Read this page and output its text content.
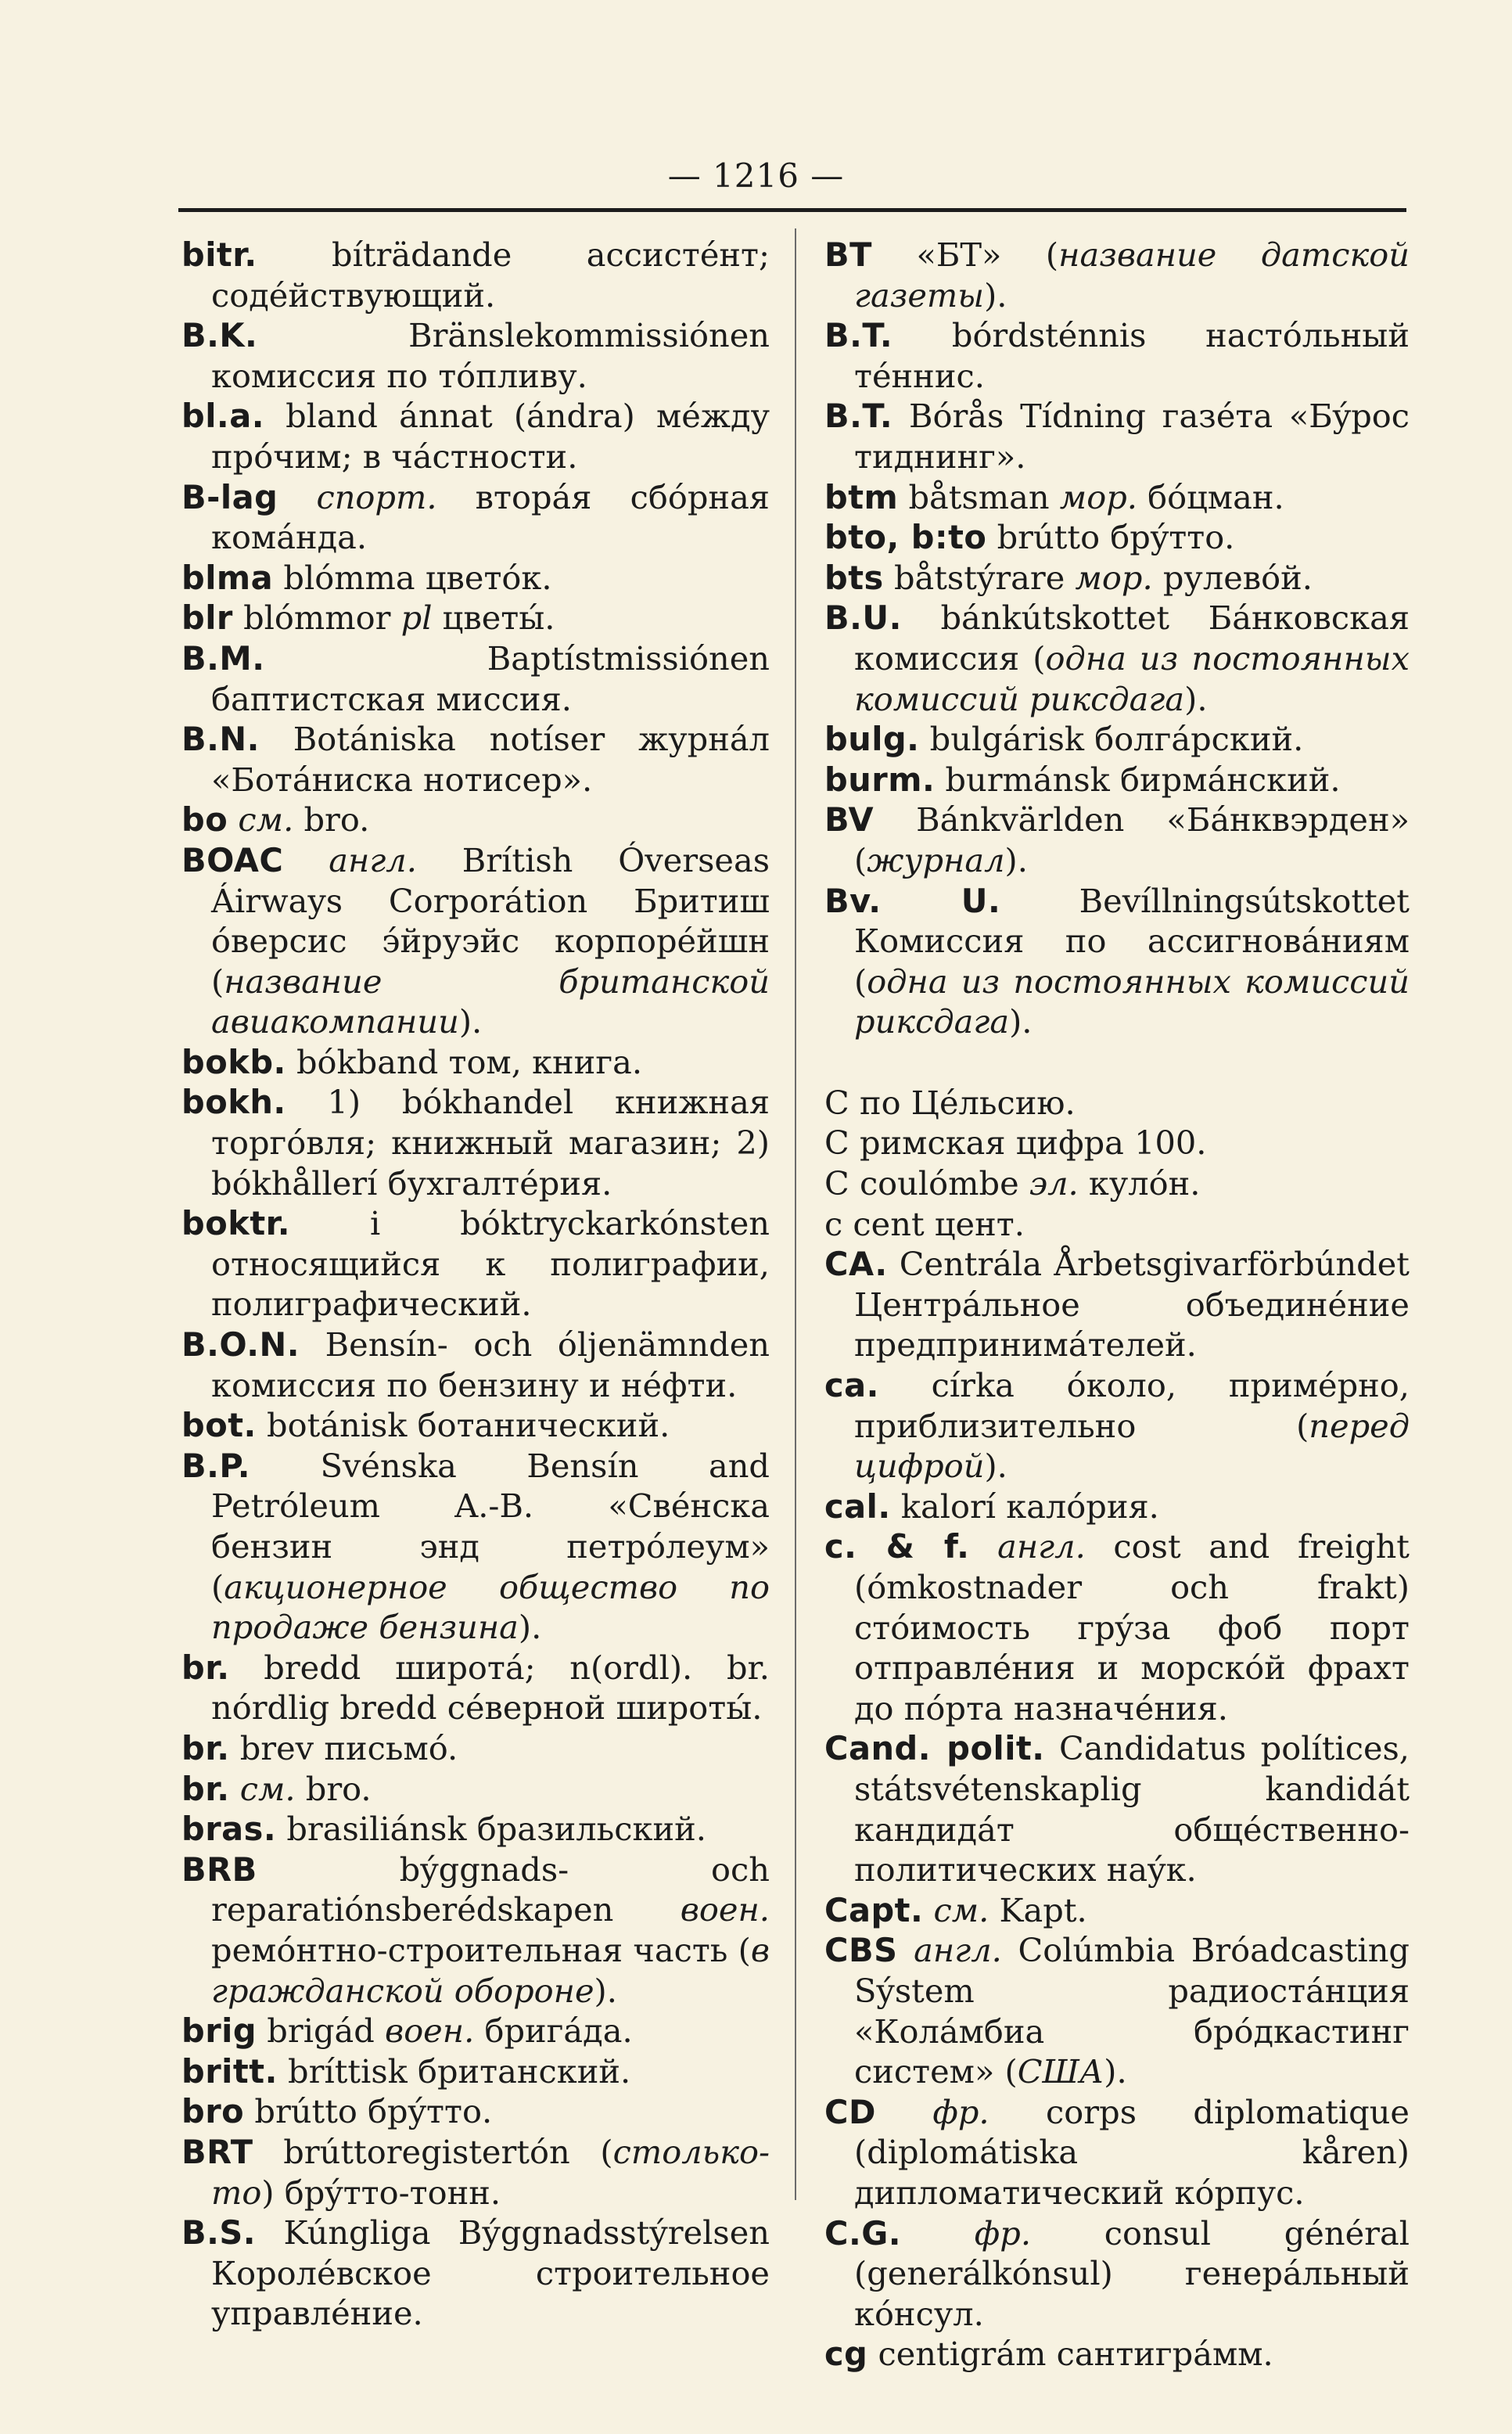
— 1216 —

bitr. bíträdande ассистéнт; содéйствующий.

B.K. Bränslekommissiónen комиссия по тóпливу.

bl.a. bland ánnat (ándra) мéжду прóчим; в чáстности.

B-lag спорт. вторáя сбóрная комáнда.

blma blómma цветóк.

blr blómmor pl цветы́.

B.M. Baptístmissiónen баптистская миссия.

B.N. Botániska notíser журнáл «Ботáниска нотисер».

bo см. bro.

BOAC англ. Brítish Óverseas Áirways Corporátion Бритиш óверсис э́йруэйс корпорéйшн (название британской авиакомпании).

bokb. bókband том, книга.

bokh. 1) bókhandel книжная торгóвля; книжный магазин; 2) bókhållerí бухгалтéрия.

boktr. i bóktryckarkónsten относящийся к полиграфии, полиграфический.

B.O.N. Bensín- och óljenämnden комиссия по бензину и нéфти.

bot. botánisk ботанический.

B.P. Svénska Bensín and Petróleum A.-B. «Свéнска бензин энд петрóлеум» (акционерное общество по продаже бензина).

br. bredd широтá; n(ordl). br. nórdlig bredd сéверной широты́.

br. brev письмó.

br. см. bro.

bras. brasiliánsk бразильский.

BRB býggnads- och reparatiónsberédskapen воен. ремóнтно-строительная часть (в гражданской обороне).

brig brigád воен. бригáда.

britt. bríttisk британский.

bro brútto брýтто.

BRT brúttoregistertón (столько-то) брýтто-тонн.

B.S. Kúngliga Býggnadsstýrelsen Королéвское строительное управлéние.

BT «БТ» (название датской газеты).

B.T. bórdsténnis настóльный тéннис.

B.T. Bórås Tídning газéта «Бýрос тиднинг».

btm båtsman мор. бóцман.

bto, b:to brútto брýтто.

bts båtstýrare мор. рулевóй.

B.U. bánkútskottet Бáнковская комиссия (одна из постоянных комиссий риксдага).

bulg. bulgárisk болгáрский.

burm. burmánsk бирмáнский.

BV Bánkvärlden «Бáнквэрден» (журнал).

Bv. U. Bevíllningsútskottet Комиссия по ассигновáниям (одна из постоянных комиссий риксдага).

C по Цéльсию.

C римская цифра 100.

C coulómbe эл. кулóн.

c cent цент.

CA. Centrála Årbetsgivarförbúndet Центрáльное объединéние предпринимáтелей.

ca. círka óколо, примéрно, приблизительно (перед цифрой).

cal. kalorí калóрия.

c. & f. англ. cost and freight (ómkostnader och frakt) стóимость грýза фоб порт отправлéния и морскóй фрахт до пóрта назначéния.

Cand. polit. Candidatus políticеs, státsvétenskaplig kandidát кандидáт общéственно-политических наýк.

Capt. см. Kapt.

CBS англ. Colúmbia Bróadcasting Sýstem радиостáнция «Колáмбиа брóдкастинг систем» (США).

CD фр. corps diplomatique (diplomátiska kåren) дипломатический кóрпус.

C.G. фр. consul général (generálkónsul) генерáльный кóнсул.

cg centigrám сантигрáмм.
